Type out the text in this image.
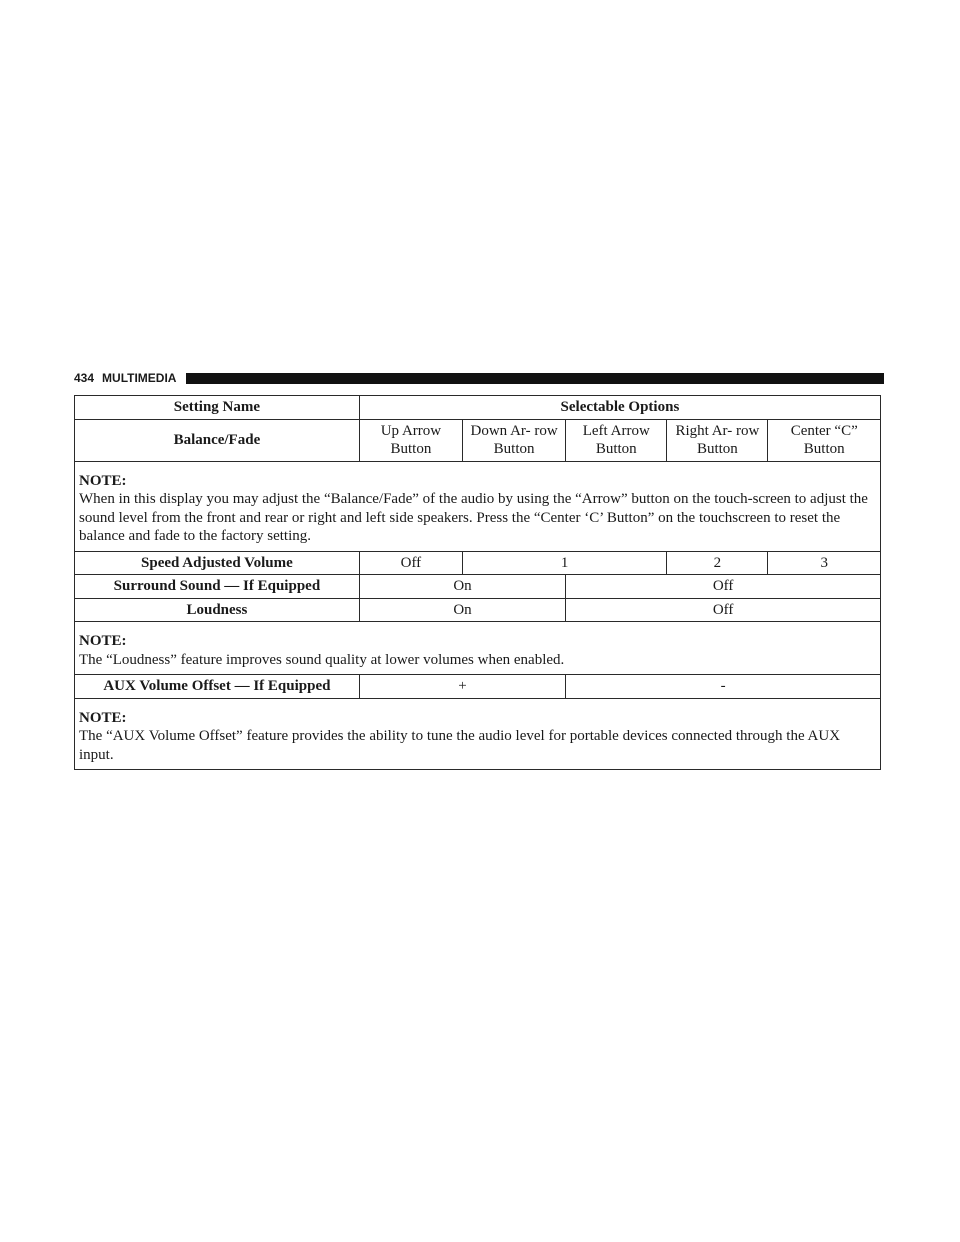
434 MULTIMEDIA
Setting Name	Selectable Options				
Balance/Fade	Up Arrow Button	Down Ar- row Button	Left Arrow Button	Right Ar- row Button	Center “C” Button

NOTE:
When in this display you may adjust the “Balance/Fade” of the audio by using the “Arrow” button on the touch-screen to adjust the sound level from the front and rear or right and left side speakers. Press the “Center ‘C’ Button” on the touchscreen to reset the balance and fade to the factory setting.					

Speed Adjusted Volume	Off	1		2	3
Surround Sound — If Equipped	On		Off		
Loudness	On		Off		

NOTE:
The “Loudness” feature improves sound quality at lower volumes when enabled.					

AUX Volume Offset — If Equipped	+		-		

NOTE:
The “AUX Volume Offset” feature provides the ability to tune the audio level for portable devices connected through the AUX input.					
